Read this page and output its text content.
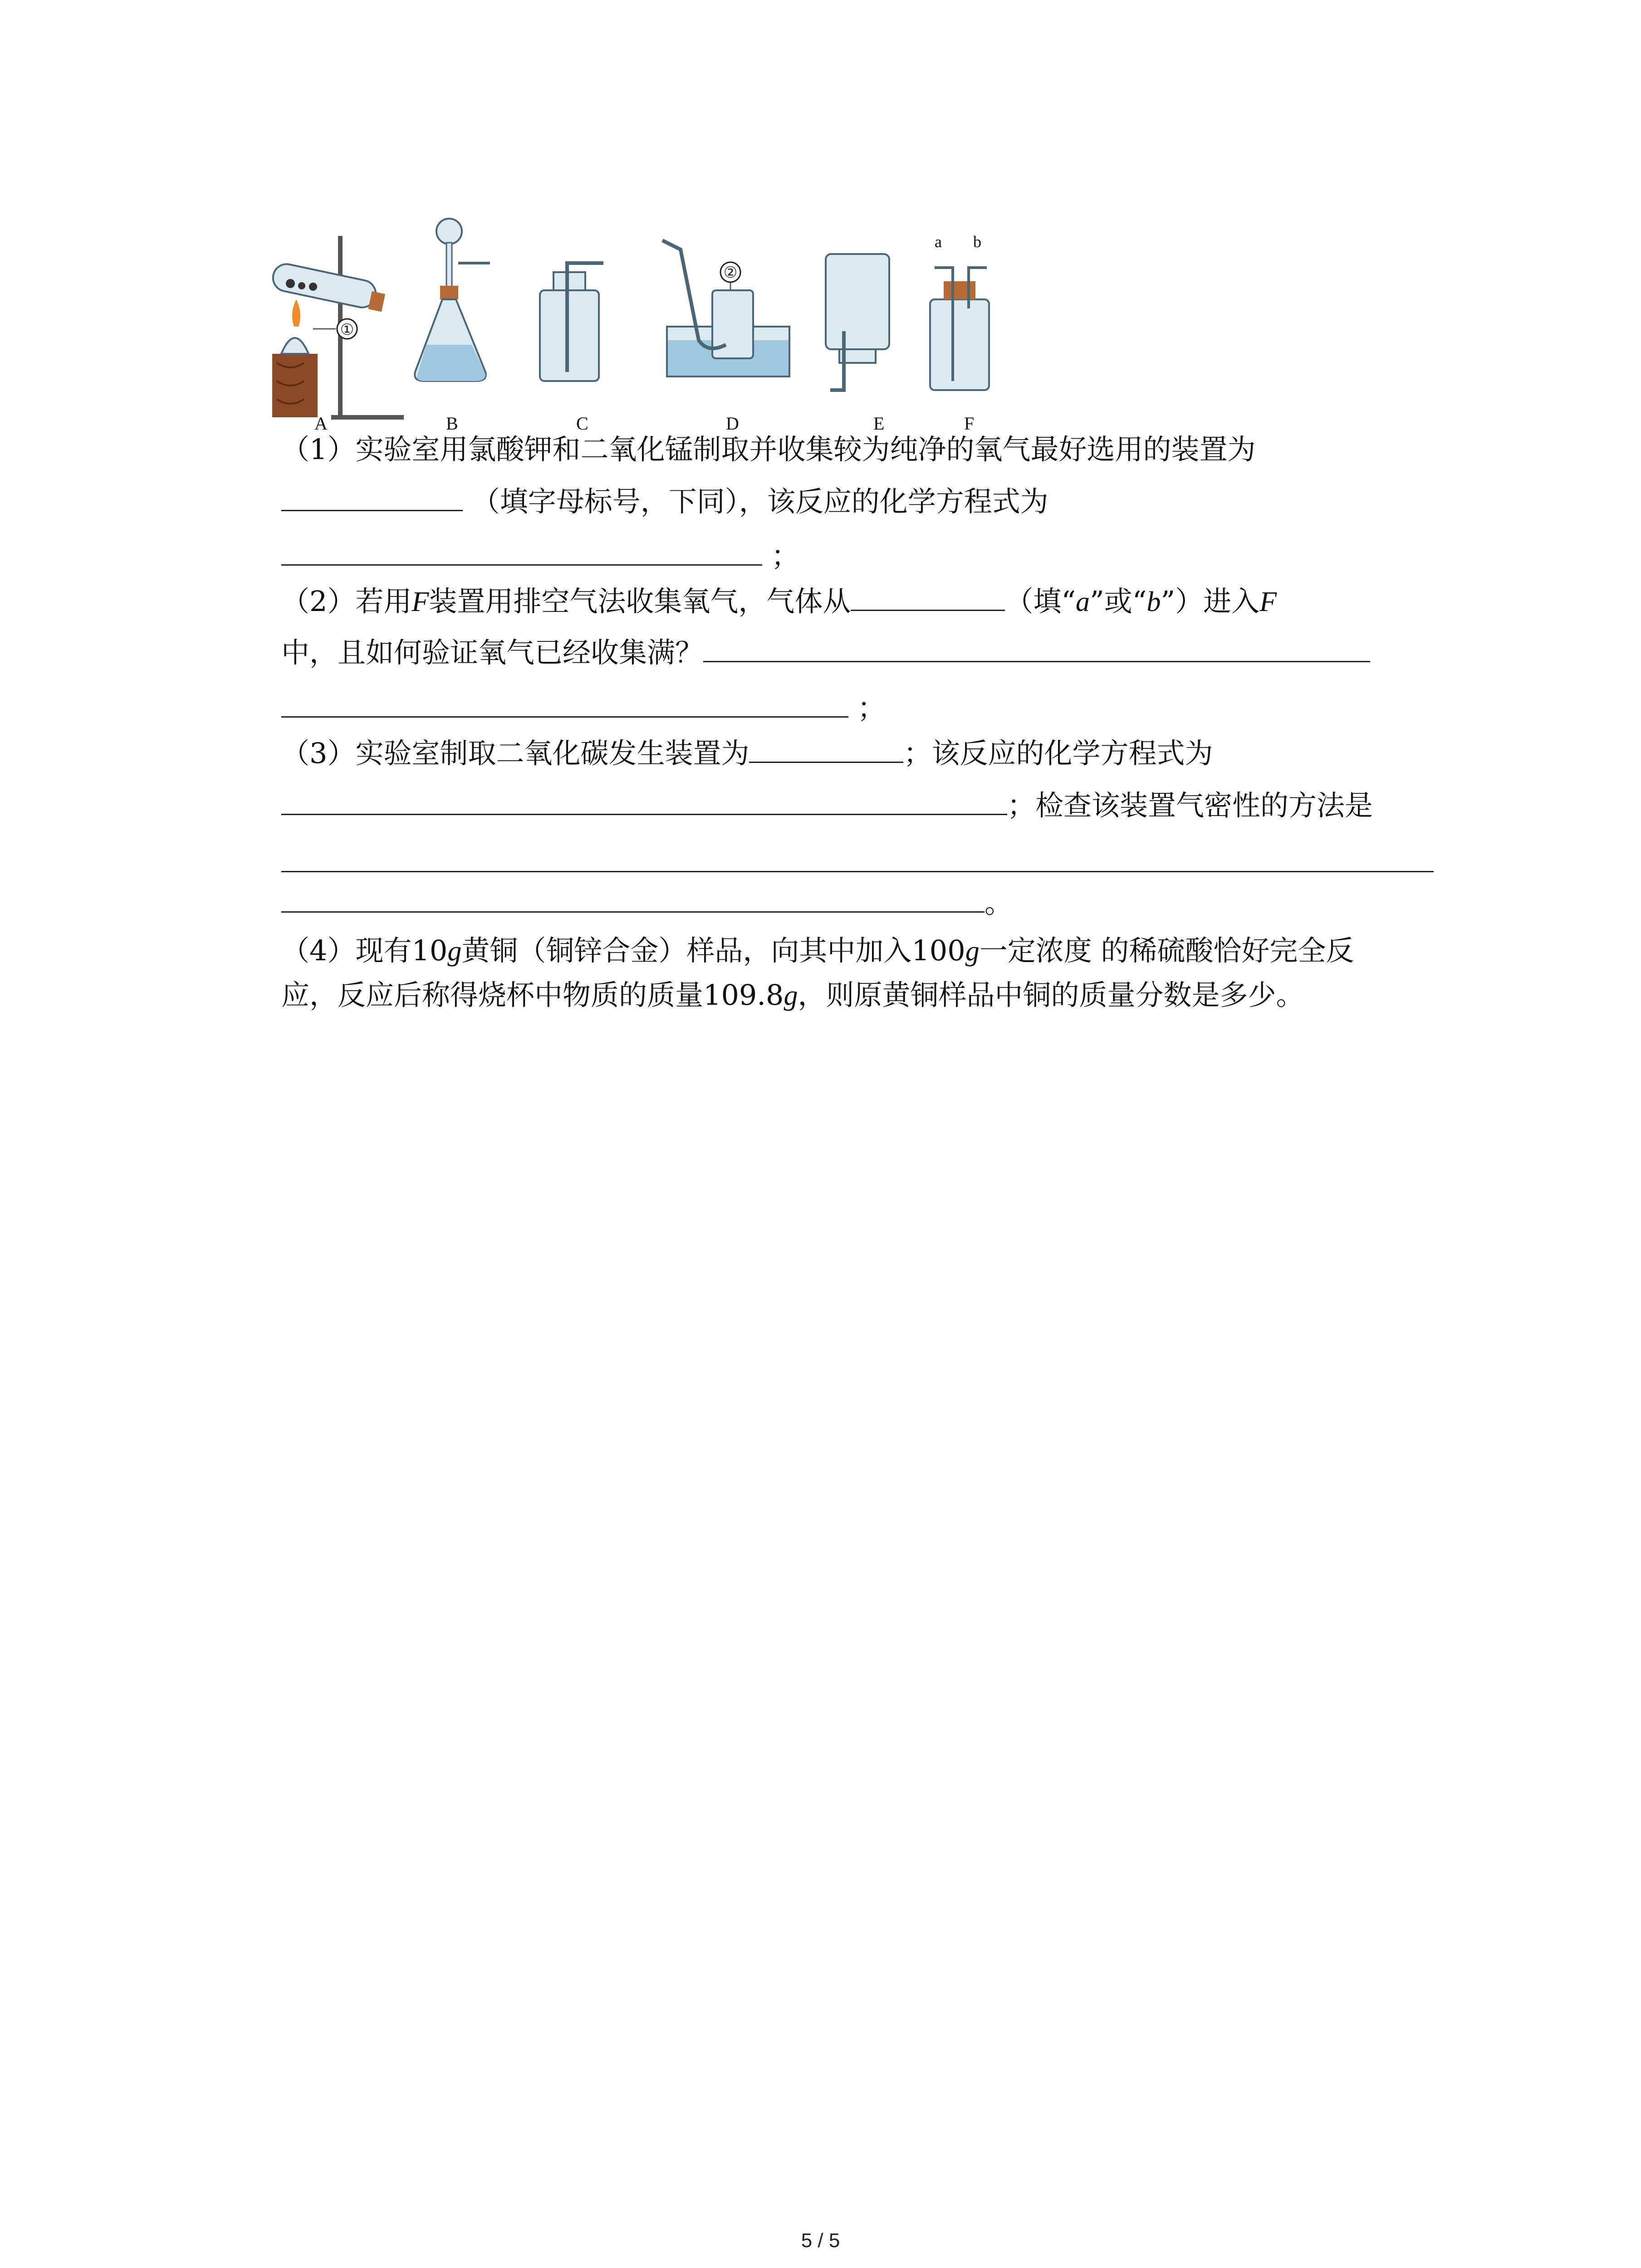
①
②
a b
A	B	C	D	E	F
（1）实验室用氯酸钾和二氧化锰制取并收集较为纯净的氧气最好选用的装置为
（填字母标号，下同），该反应的化学方程式为
；
（2）若用F装置用排空气法收集氧气，气体从	（填“a”或“b”）进入F
中，且如何验证氧气已经收集满？
；
（3）实验室制取二氧化碳发生装置为	；该反应的化学方程式为
；检查该装置气密性的方法是
。
（4）现有10g黄铜（铜锌合金）样品，向其中加入100g一定浓度 的稀硫酸恰好完全反
应，反应后称得烧杯中物质的质量109.8g，则原黄铜样品中铜的质量分数是多少。
5 / 5
